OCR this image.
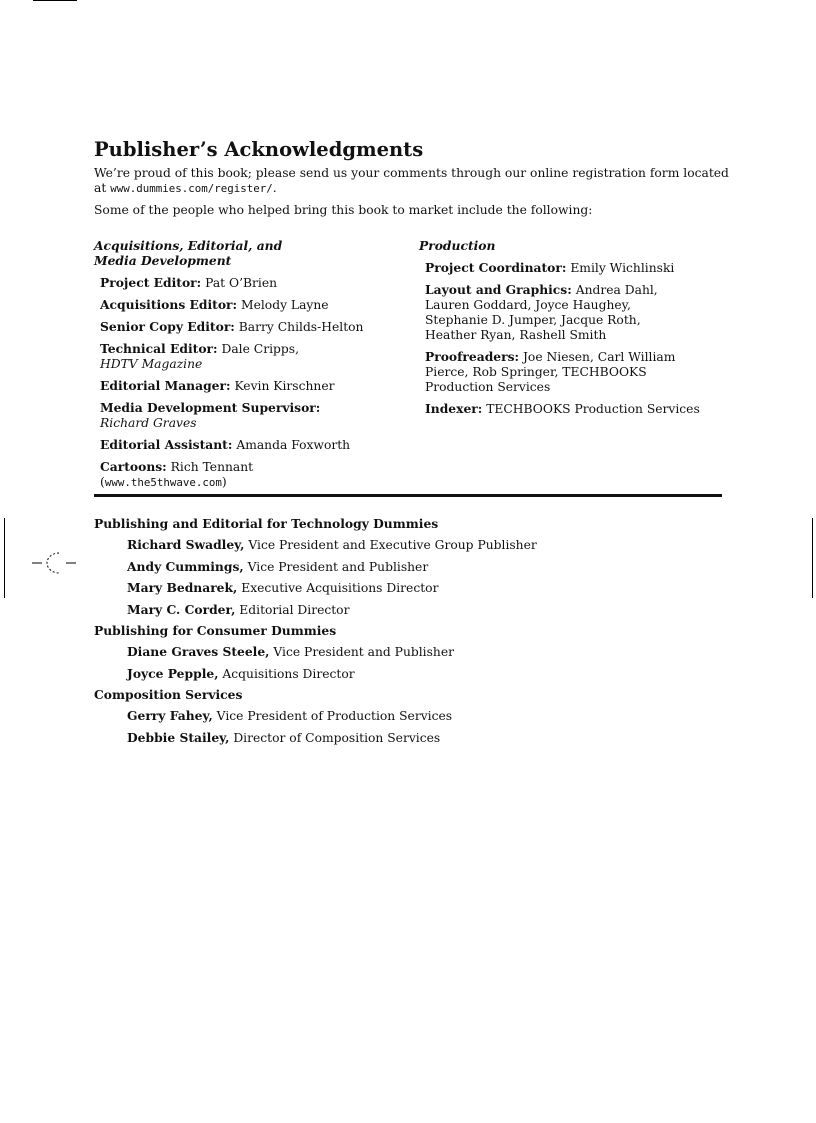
Publisher’s Acknowledgments

We’re proud of this book; please send us your comments through our online registration form located at www.dummies.com/register/.

Some of the people who helped bring this book to market include the following:

Acquisitions, Editorial, and
Media Development

Project Editor: Pat O’Brien

Acquisitions Editor: Melody Layne

Senior Copy Editor: Barry Childs-Helton

Technical Editor: Dale Cripps,
HDTV Magazine

Editorial Manager: Kevin Kirschner

Media Development Supervisor:
Richard Graves

Editorial Assistant: Amanda Foxworth

Cartoons: Rich Tennant
(www.the5thwave.com)

Production

Project Coordinator: Emily Wichlinski

Layout and Graphics: Andrea Dahl,
Lauren Goddard, Joyce Haughey,
Stephanie D. Jumper, Jacque Roth,
Heather Ryan, Rashell Smith

Proofreaders: Joe Niesen, Carl William
Pierce, Rob Springer, TECHBOOKS
Production Services

Indexer: TECHBOOKS Production Services

Publishing and Editorial for Technology Dummies

Richard Swadley, Vice President and Executive Group Publisher

Andy Cummings, Vice President and Publisher

Mary Bednarek, Executive Acquisitions Director

Mary C. Corder, Editorial Director

Publishing for Consumer Dummies

Diane Graves Steele, Vice President and Publisher

Joyce Pepple, Acquisitions Director

Composition Services

Gerry Fahey, Vice President of Production Services

Debbie Stailey, Director of Composition Services
